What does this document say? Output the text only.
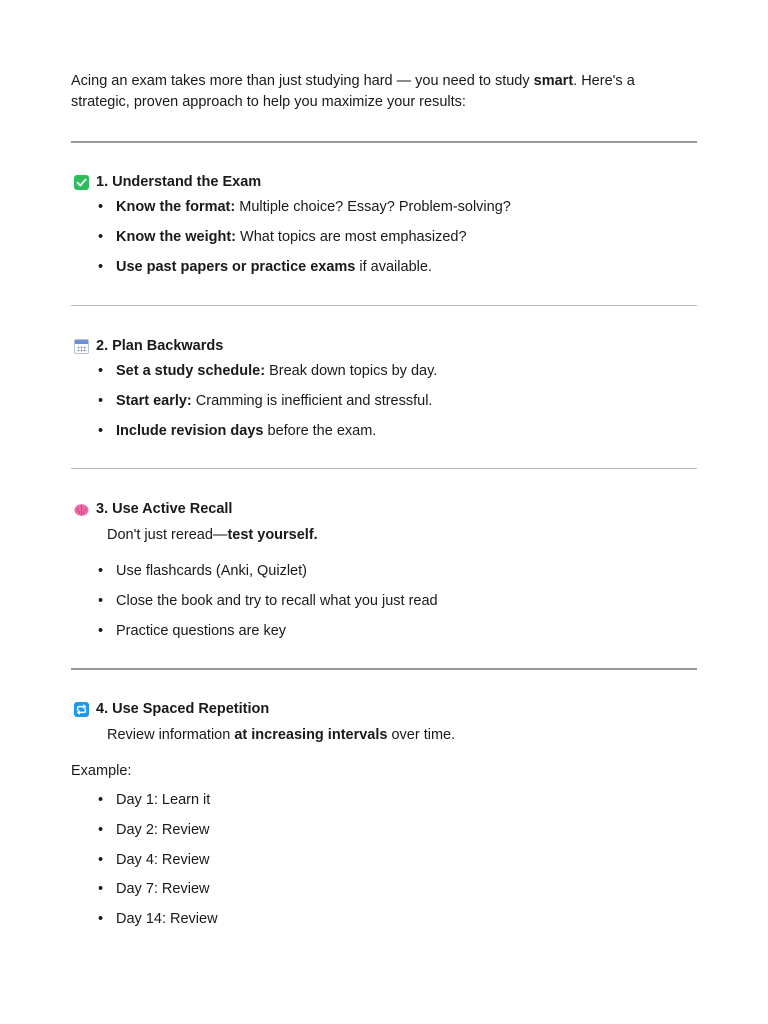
Acing an exam takes more than just studying hard — you need to study smart. Here's a strategic, proven approach to help you maximize your results:

1. Understand the Exam
• Know the format: Multiple choice? Essay? Problem-solving?
• Know the weight: What topics are most emphasized?
• Use past papers or practice exams if available.
2. Plan Backwards
• Set a study schedule: Break down topics by day.
• Start early: Cramming is inefficient and stressful.
• Include revision days before the exam.
3. Use Active Recall

Don't just reread—test yourself.

• Use flashcards (Anki, Quizlet)
• Close the book and try to recall what you just read
• Practice questions are key
4. Use Spaced Repetition

Review information at increasing intervals over time.

Example:

• Day 1: Learn it
• Day 2: Review
• Day 4: Review
• Day 7: Review
• Day 14: Review
